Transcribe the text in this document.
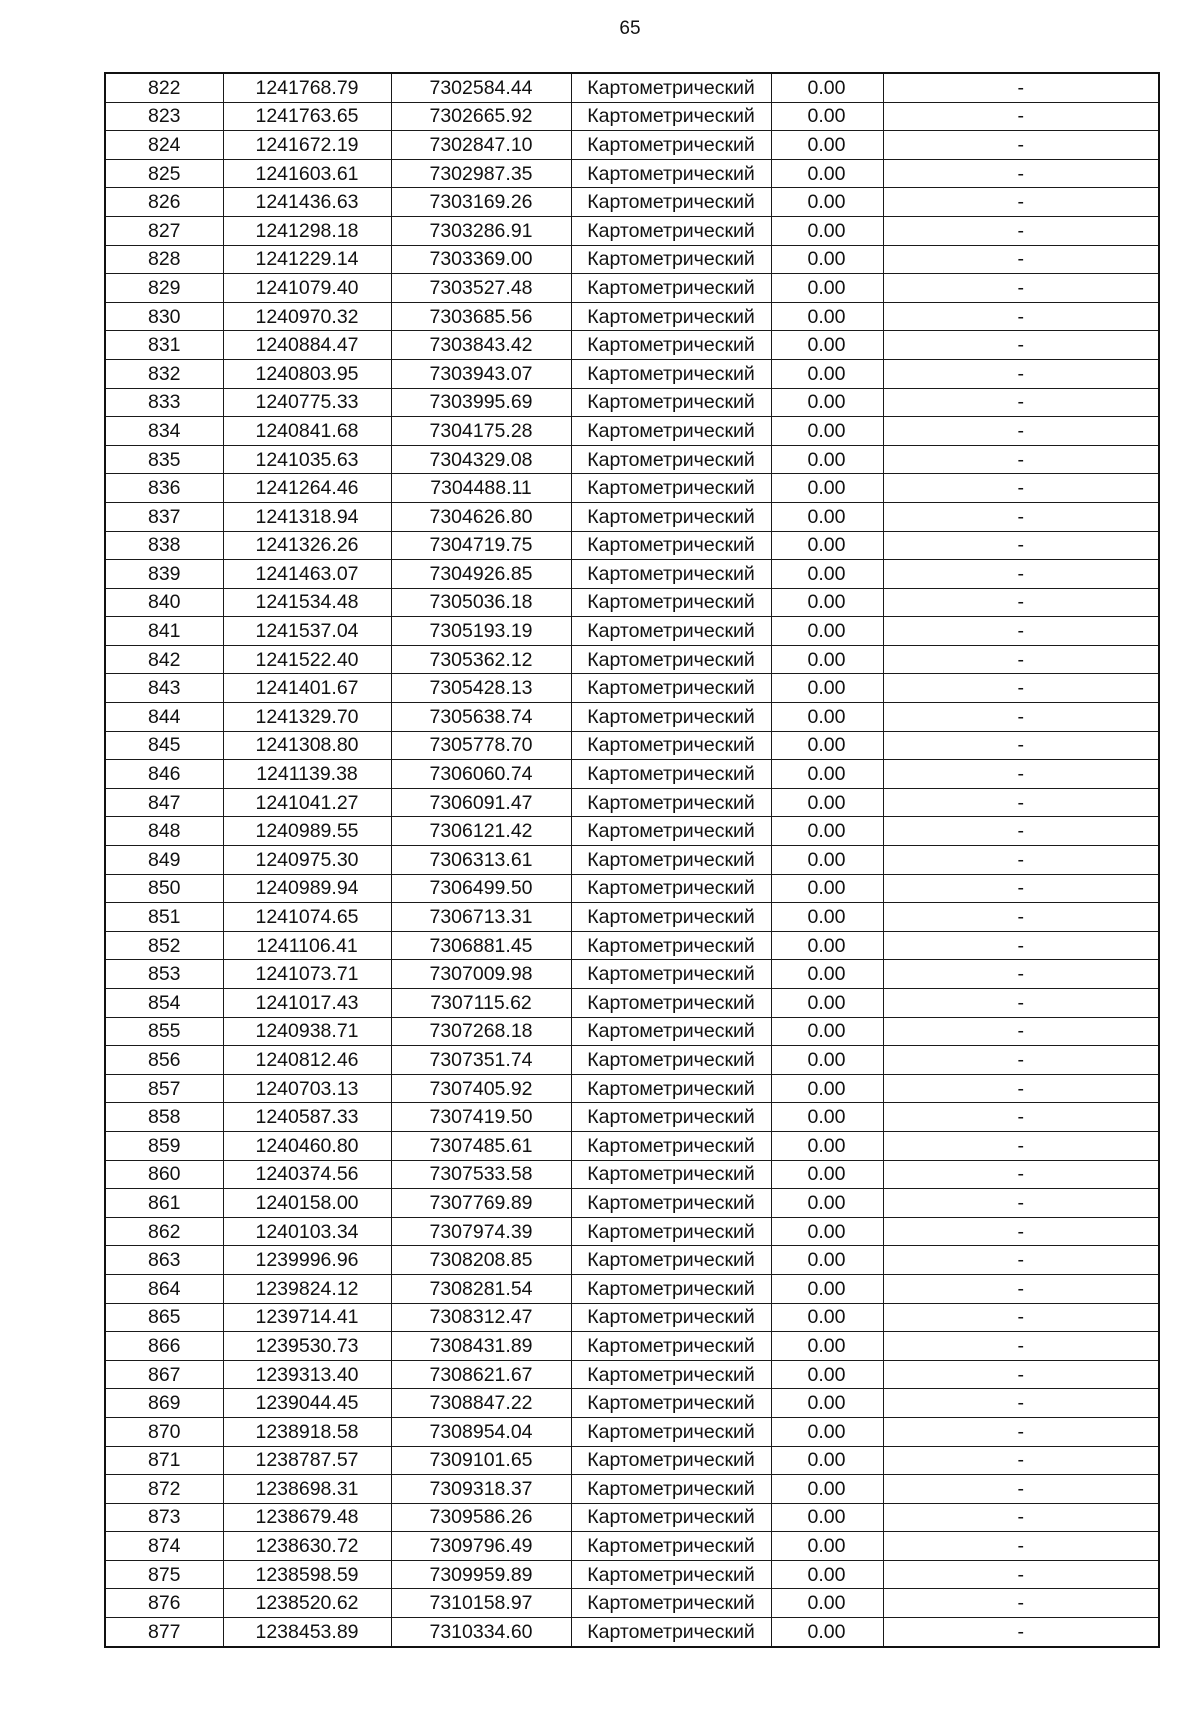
65
822	1241768.79	7302584.44	Картометрический	0.00	-
823	1241763.65	7302665.92	Картометрический	0.00	-
824	1241672.19	7302847.10	Картометрический	0.00	-
825	1241603.61	7302987.35	Картометрический	0.00	-
826	1241436.63	7303169.26	Картометрический	0.00	-
827	1241298.18	7303286.91	Картометрический	0.00	-
828	1241229.14	7303369.00	Картометрический	0.00	-
829	1241079.40	7303527.48	Картометрический	0.00	-
830	1240970.32	7303685.56	Картометрический	0.00	-
831	1240884.47	7303843.42	Картометрический	0.00	-
832	1240803.95	7303943.07	Картометрический	0.00	-
833	1240775.33	7303995.69	Картометрический	0.00	-
834	1240841.68	7304175.28	Картометрический	0.00	-
835	1241035.63	7304329.08	Картометрический	0.00	-
836	1241264.46	7304488.11	Картометрический	0.00	-
837	1241318.94	7304626.80	Картометрический	0.00	-
838	1241326.26	7304719.75	Картометрический	0.00	-
839	1241463.07	7304926.85	Картометрический	0.00	-
840	1241534.48	7305036.18	Картометрический	0.00	-
841	1241537.04	7305193.19	Картометрический	0.00	-
842	1241522.40	7305362.12	Картометрический	0.00	-
843	1241401.67	7305428.13	Картометрический	0.00	-
844	1241329.70	7305638.74	Картометрический	0.00	-
845	1241308.80	7305778.70	Картометрический	0.00	-
846	1241139.38	7306060.74	Картометрический	0.00	-
847	1241041.27	7306091.47	Картометрический	0.00	-
848	1240989.55	7306121.42	Картометрический	0.00	-
849	1240975.30	7306313.61	Картометрический	0.00	-
850	1240989.94	7306499.50	Картометрический	0.00	-
851	1241074.65	7306713.31	Картометрический	0.00	-
852	1241106.41	7306881.45	Картометрический	0.00	-
853	1241073.71	7307009.98	Картометрический	0.00	-
854	1241017.43	7307115.62	Картометрический	0.00	-
855	1240938.71	7307268.18	Картометрический	0.00	-
856	1240812.46	7307351.74	Картометрический	0.00	-
857	1240703.13	7307405.92	Картометрический	0.00	-
858	1240587.33	7307419.50	Картометрический	0.00	-
859	1240460.80	7307485.61	Картометрический	0.00	-
860	1240374.56	7307533.58	Картометрический	0.00	-
861	1240158.00	7307769.89	Картометрический	0.00	-
862	1240103.34	7307974.39	Картометрический	0.00	-
863	1239996.96	7308208.85	Картометрический	0.00	-
864	1239824.12	7308281.54	Картометрический	0.00	-
865	1239714.41	7308312.47	Картометрический	0.00	-
866	1239530.73	7308431.89	Картометрический	0.00	-
867	1239313.40	7308621.67	Картометрический	0.00	-
869	1239044.45	7308847.22	Картометрический	0.00	-
870	1238918.58	7308954.04	Картометрический	0.00	-
871	1238787.57	7309101.65	Картометрический	0.00	-
872	1238698.31	7309318.37	Картометрический	0.00	-
873	1238679.48	7309586.26	Картометрический	0.00	-
874	1238630.72	7309796.49	Картометрический	0.00	-
875	1238598.59	7309959.89	Картометрический	0.00	-
876	1238520.62	7310158.97	Картометрический	0.00	-
877	1238453.89	7310334.60	Картометрический	0.00	-
